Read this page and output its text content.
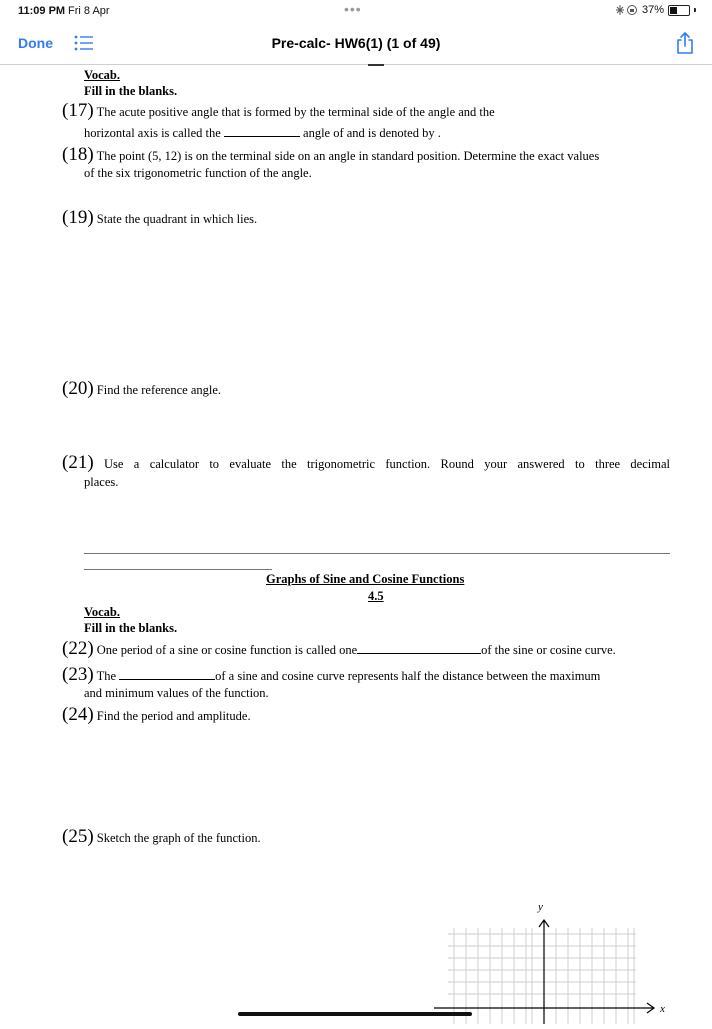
11:09 PM Fri 8 Apr	•••	37%
Done	Pre-calc- HW6(1) (1 of 49)
Vocab.
Fill in the blanks.
(17) The acute positive angle that is formed by the terminal side of the angle and the
horizontal axis is called the	angle of and is denoted by .
(18) The point (5, 12) is on the terminal side on an angle in standard position. Determine the exact values
of the six trigonometric function of the angle.
(19) State the quadrant in which lies.
(20) Find the reference angle.
(21) Use a calculator to evaluate the trigonometric function. Round your answered to three decimal
places.
Graphs of Sine and Cosine Functions
4.5
Vocab.
Fill in the blanks.
(22) One period of a sine or cosine function is called one	of the sine or cosine curve.
(23) The	of a sine and cosine curve represents half the distance between the maximum
and minimum values of the function.
(24) Find the period and amplitude.
(25) Sketch the graph of the function.
y
x
